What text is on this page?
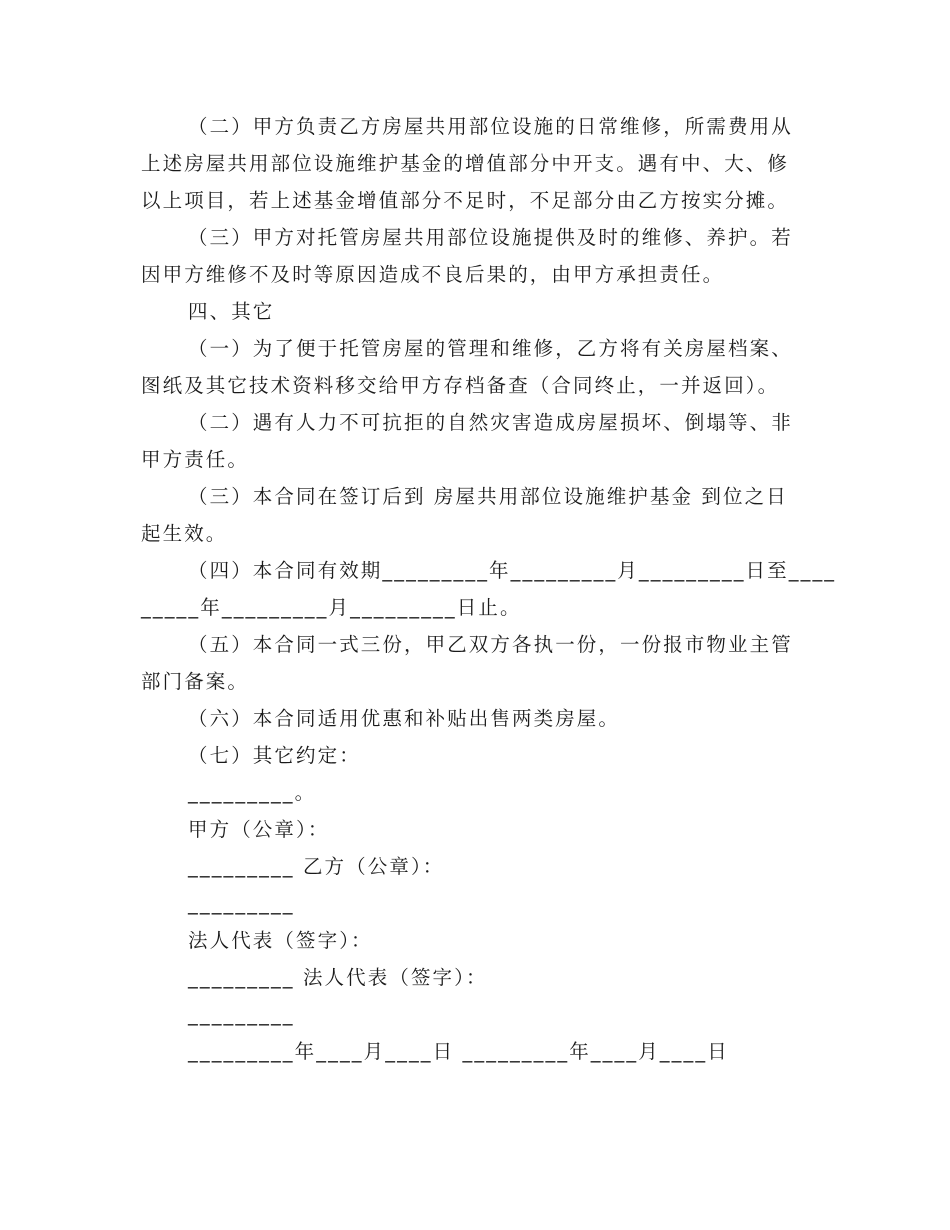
（二）甲方负责乙方房屋共用部位设施的日常维修，所需费用从
上述房屋共用部位设施维护基金的增值部分中开支。遇有中、大、修
以上项目，若上述基金增值部分不足时，不足部分由乙方按实分摊。
（三）甲方对托管房屋共用部位设施提供及时的维修、养护。若
因甲方维修不及时等原因造成不良后果的，由甲方承担责任。
四、其它
（一）为了便于托管房屋的管理和维修，乙方将有关房屋档案、
图纸及其它技术资料移交给甲方存档备查（合同终止，一并返回）。
（二）遇有人力不可抗拒的自然灾害造成房屋损坏、倒塌等、非
甲方责任。
（三）本合同在签订后到 房屋共用部位设施维护基金 到位之日
起生效。
（四）本合同有效期_________年_________月_________日至____
_____年_________月_________日止。
（五）本合同一式三份，甲乙双方各执一份，一份报市物业主管
部门备案。
（六）本合同适用优惠和补贴出售两类房屋。
（七）其它约定：
_________。
甲方（公章）：
_________ 乙方（公章）：
_________
法人代表（签字）：
_________ 法人代表（签字）：
_________
_________年____月____日 _________年____月____日
